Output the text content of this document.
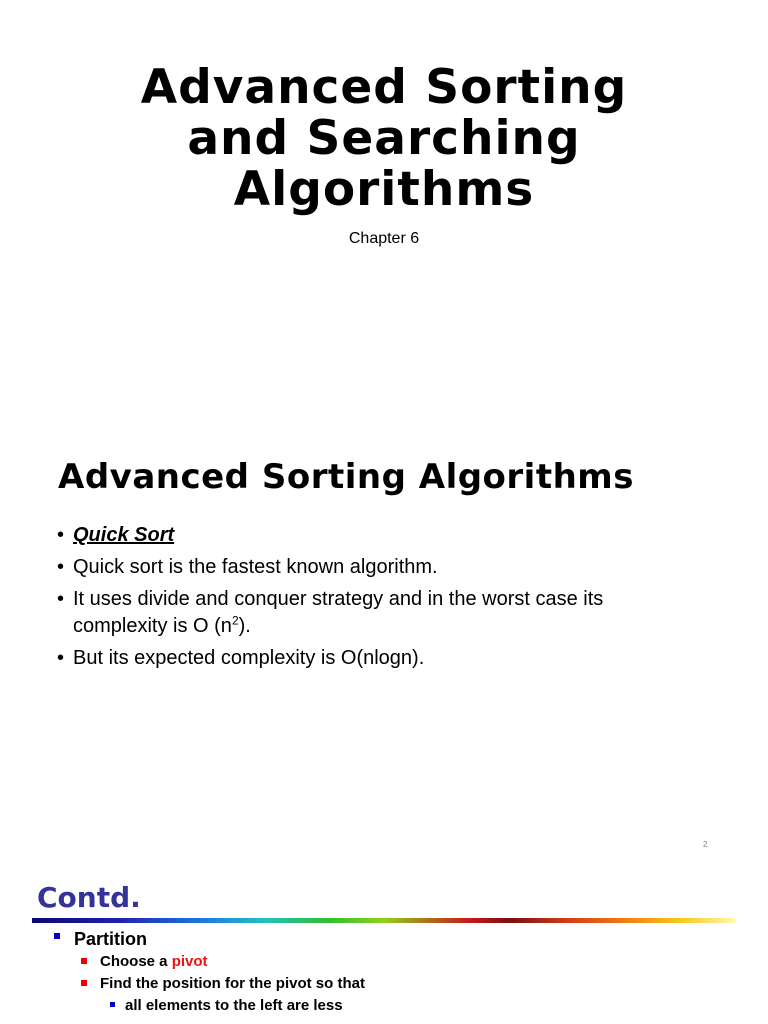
Advanced Sorting
and Searching
Algorithms
Chapter 6
Advanced Sorting Algorithms
• Quick Sort
• Quick sort is the fastest known algorithm.
• It uses divide and conquer strategy and in the worst case its complexity is O $(n^2)$.
• But its expected complexity is O(nlogn).
2
Contd.
Partition
Choose a pivot
Find the position for the pivot so that
all elements to the left are less
